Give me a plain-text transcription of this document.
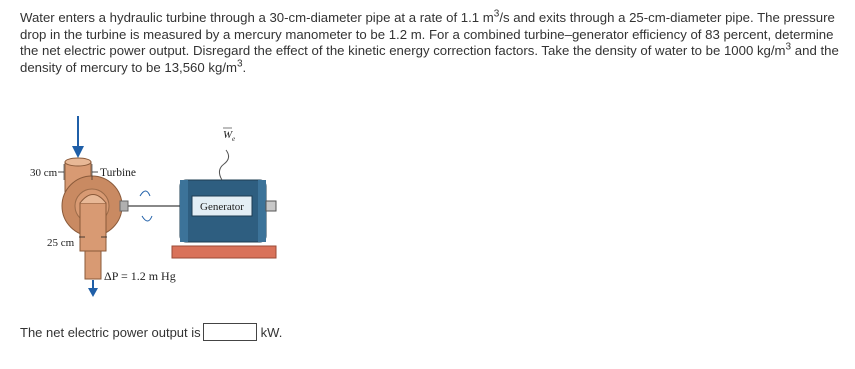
Water enters a hydraulic turbine through a 30-cm-diameter pipe at a rate of 1.1 $m^3/s$ and exits through a 25-cm-diameter pipe. The pressure drop in the turbine is measured by a mercury manometer to be 1.2 m. For a combined turbine–generator efficiency of 83 percent, determine the net electric power output. Disregard the effect of the kinetic energy correction factors. Take the density of water to be 1000 $kg/m^3$ and the density of mercury to be 13,560 $kg/m^3$.
30 cm	Turbine
25 cm
Generator
W e
ΔP = 1.2 m Hg
The net electric power output is	kW.
